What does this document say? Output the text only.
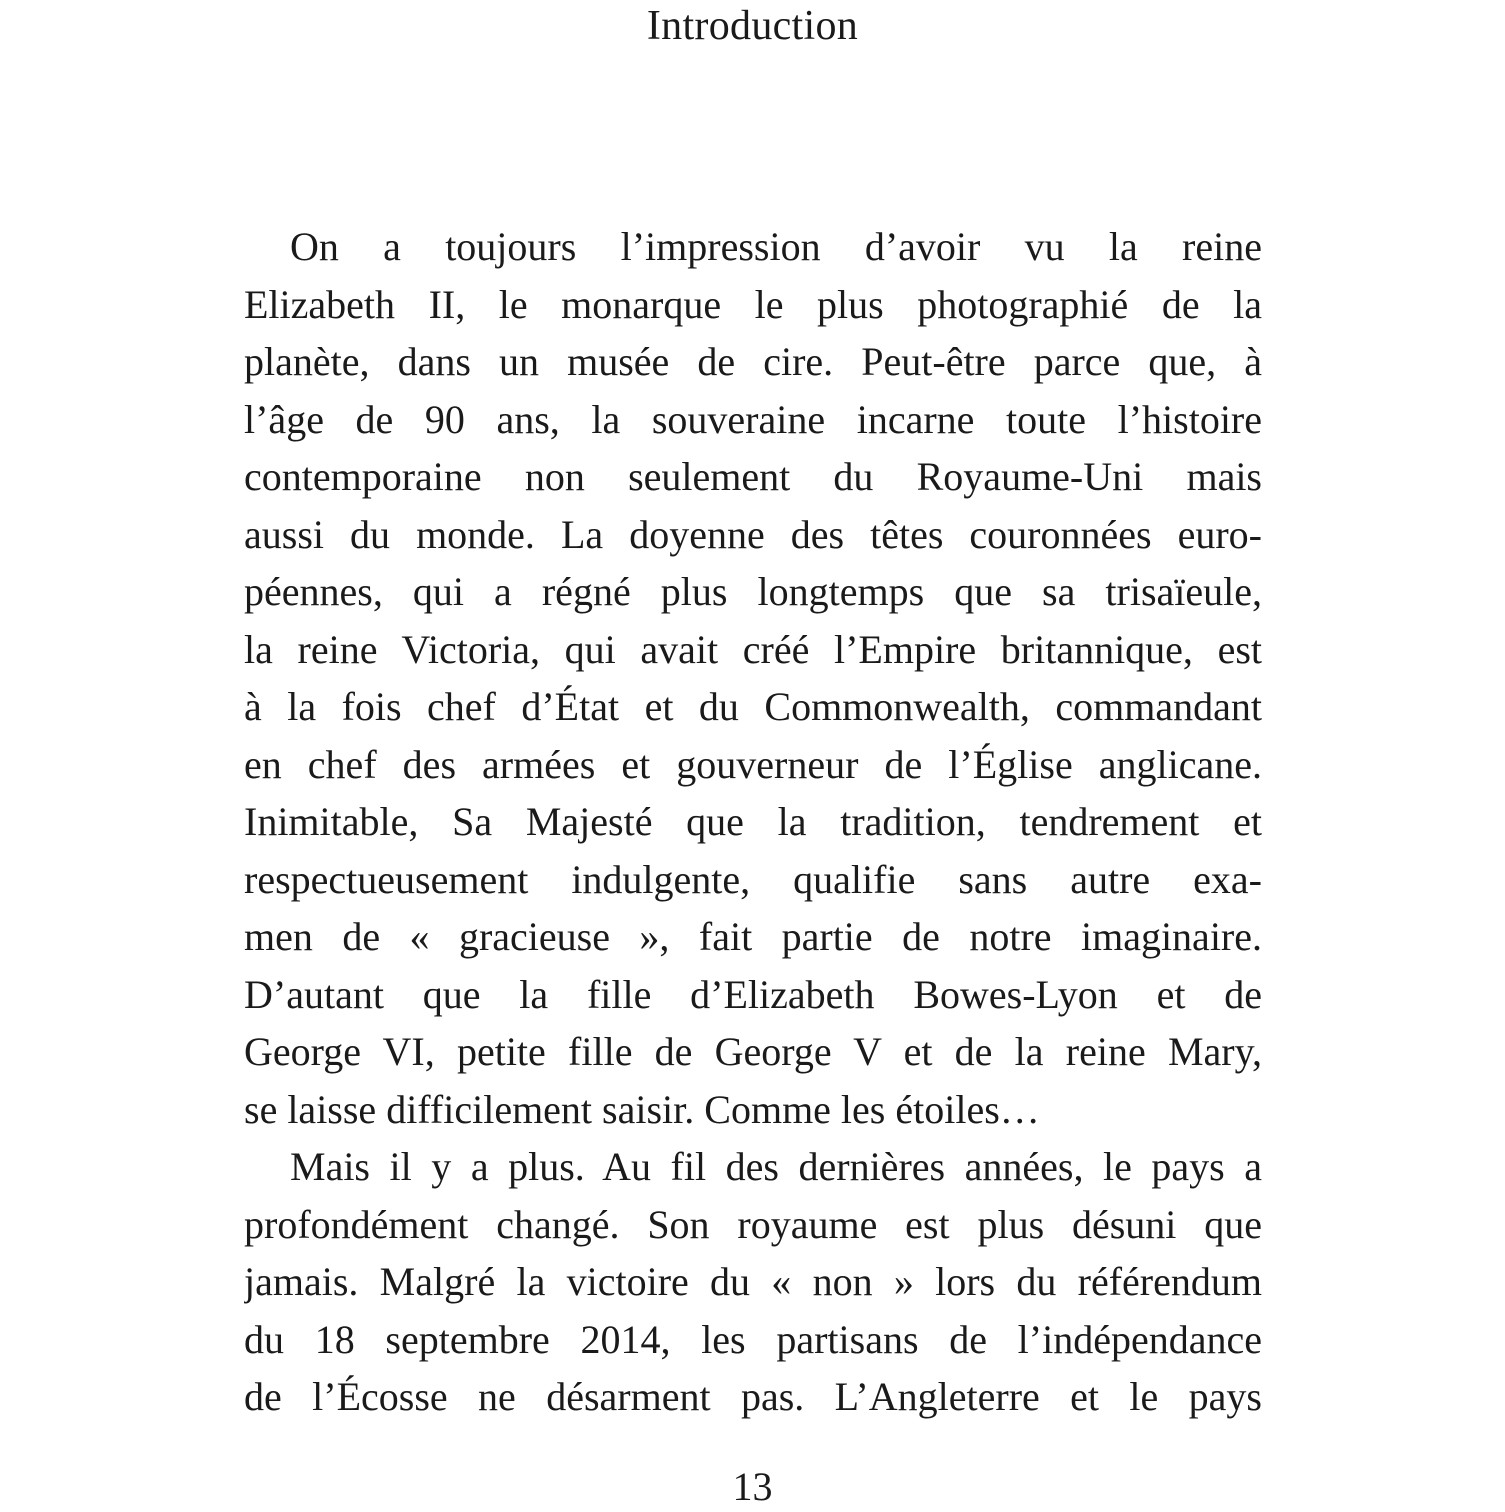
Introduction
On a toujours l’impression d’avoir vu la reine
Elizabeth II, le monarque le plus photographié de la
planète, dans un musée de cire. Peut-être parce que, à
l’âge de 90 ans, la souveraine incarne toute l’histoire
contemporaine non seulement du Royaume-Uni mais
aussi du monde. La doyenne des têtes couronnées euro-
péennes, qui a régné plus longtemps que sa trisaïeule,
la reine Victoria, qui avait créé l’Empire britannique, est
à la fois chef d’État et du Commonwealth, commandant
en chef des armées et gouverneur de l’Église anglicane.
Inimitable, Sa Majesté que la tradition, tendrement et
respectueusement indulgente, qualifie sans autre exa-
men de « gracieuse », fait partie de notre imaginaire.
D’autant que la fille d’Elizabeth Bowes-Lyon et de
George VI, petite fille de George V et de la reine Mary,
se laisse difficilement saisir. Comme les étoiles…
Mais il y a plus. Au fil des dernières années, le pays a
profondément changé. Son royaume est plus désuni que
jamais. Malgré la victoire du « non » lors du référendum
du 18 septembre 2014, les partisans de l’indépendance
de l’Écosse ne désarment pas. L’Angleterre et le pays
13
